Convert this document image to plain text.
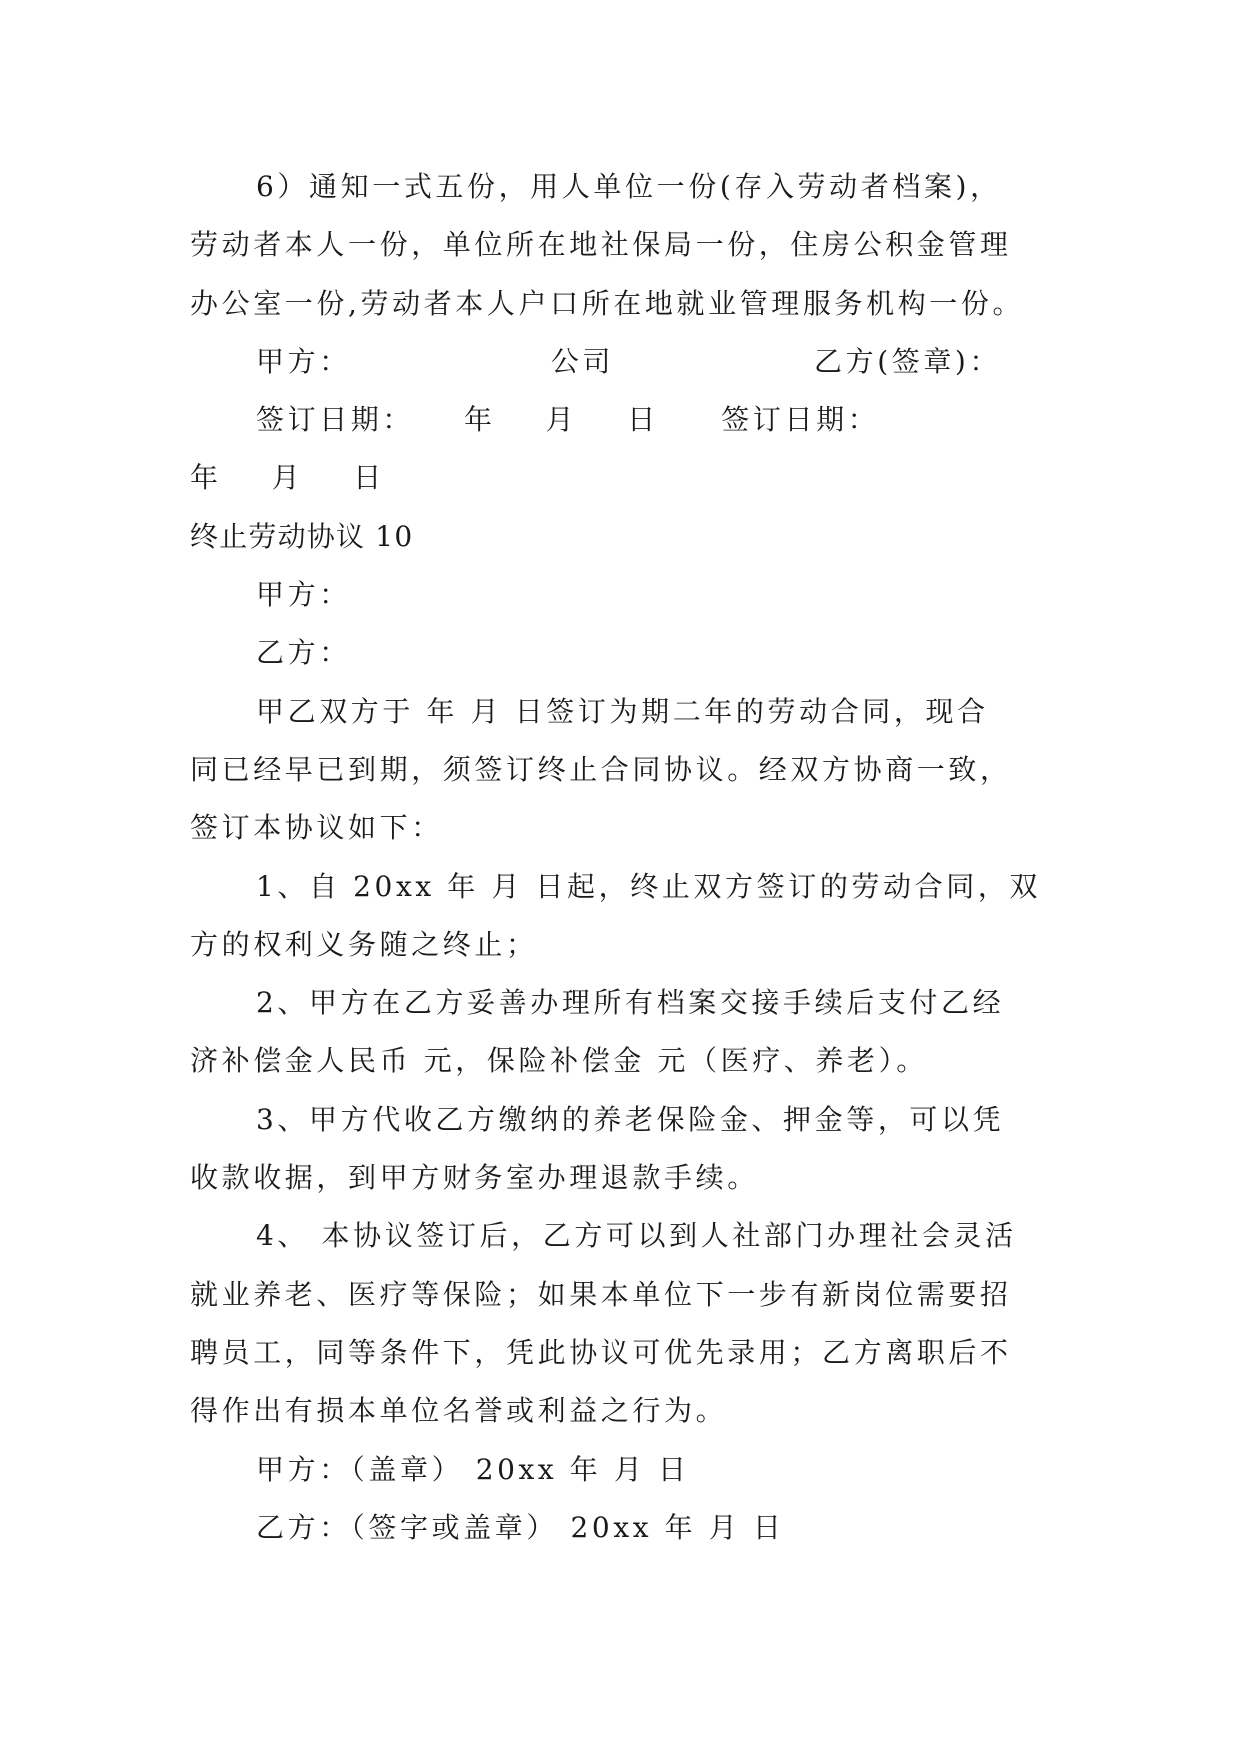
6）通知一式五份，用人单位一份(存入劳动者档案)，
劳动者本人一份，单位所在地社保局一份，住房公积金管理
办公室一份,劳动者本人户口所在地就业管理服务机构一份。
甲方：                公司                乙方(签章)：
签订日期：    年    月    日     签订日期：
年    月    日
终止劳动协议 10
甲方：
乙方：
甲乙双方于 年 月 日签订为期二年的劳动合同，现合
同已经早已到期，须签订终止合同协议。经双方协商一致，
签订本协议如下：
1、自 20xx 年 月 日起，终止双方签订的劳动合同，双
方的权利义务随之终止；
2、甲方在乙方妥善办理所有档案交接手续后支付乙经
济补偿金人民币 元，保险补偿金 元（医疗、养老）。
3、甲方代收乙方缴纳的养老保险金、押金等，可以凭
收款收据，到甲方财务室办理退款手续。
4、 本协议签订后，乙方可以到人社部门办理社会灵活
就业养老、医疗等保险；如果本单位下一步有新岗位需要招
聘员工，同等条件下，凭此协议可优先录用；乙方离职后不
得作出有损本单位名誉或利益之行为。
甲方：（盖章） 20xx 年 月 日
乙方：（签字或盖章） 20xx 年 月 日
